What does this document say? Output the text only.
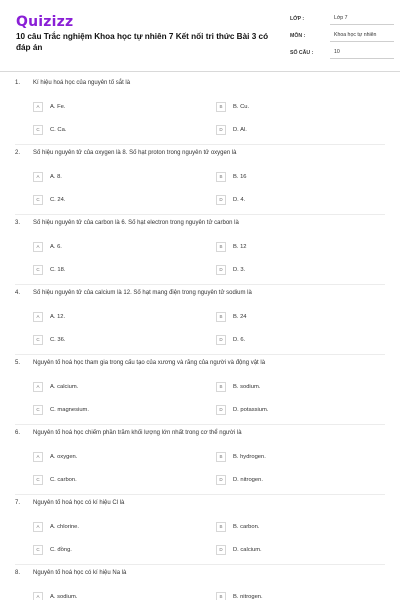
Quizizz
10 câu Trắc nghiệm Khoa học tự nhiên 7 Kết nối tri thức Bài 3 có đáp án
LỚP :	Lớp 7
MÔN :	Khoa học tự nhiên
SỐ CÂU :	10
1. Kí hiệu hoá học của nguyên tố sắt là
A	A. Fe.	B	B. Cu.
C	C. Ca.	D	D. Al.
2. Số hiệu nguyên tử của oxygen là 8. Số hạt proton trong nguyên tử oxygen là
A	A. 8.	B	B. 16
C	C. 24.	D	D. 4.
3. Số hiệu nguyên tử của carbon là 6. Số hạt electron trong nguyên tử carbon là
A	A. 6.	B	B. 12
C	C. 18.	D	D. 3.
4. Số hiệu nguyên tử của calcium là 12. Số hạt mang điện trong nguyên tử sodium là
A	A. 12.	B	B. 24
C	C. 36.	D	D. 6.
5. Nguyên tố hoá học tham gia trong cấu tạo của xương và răng của người và động vật là
A	A. calcium.	B	B. sodium.
C	C. magnesium.	D	D. potassium.
6. Nguyên tố hoá học chiếm phần trăm khối lượng lớn nhất trong cơ thể người là
A	A. oxygen.	B	B. hydrogen.
C	C. carbon.	D	D. nitrogen.
7. Nguyên tố hoá học có kí hiệu Cl là
A	A. chlorine.	B	B. carbon.
C	C. đồng.	D	D. calcium.
8. Nguyên tố hoá học có kí hiệu Na là
A	A. sodium.	B	B. nitrogen.
